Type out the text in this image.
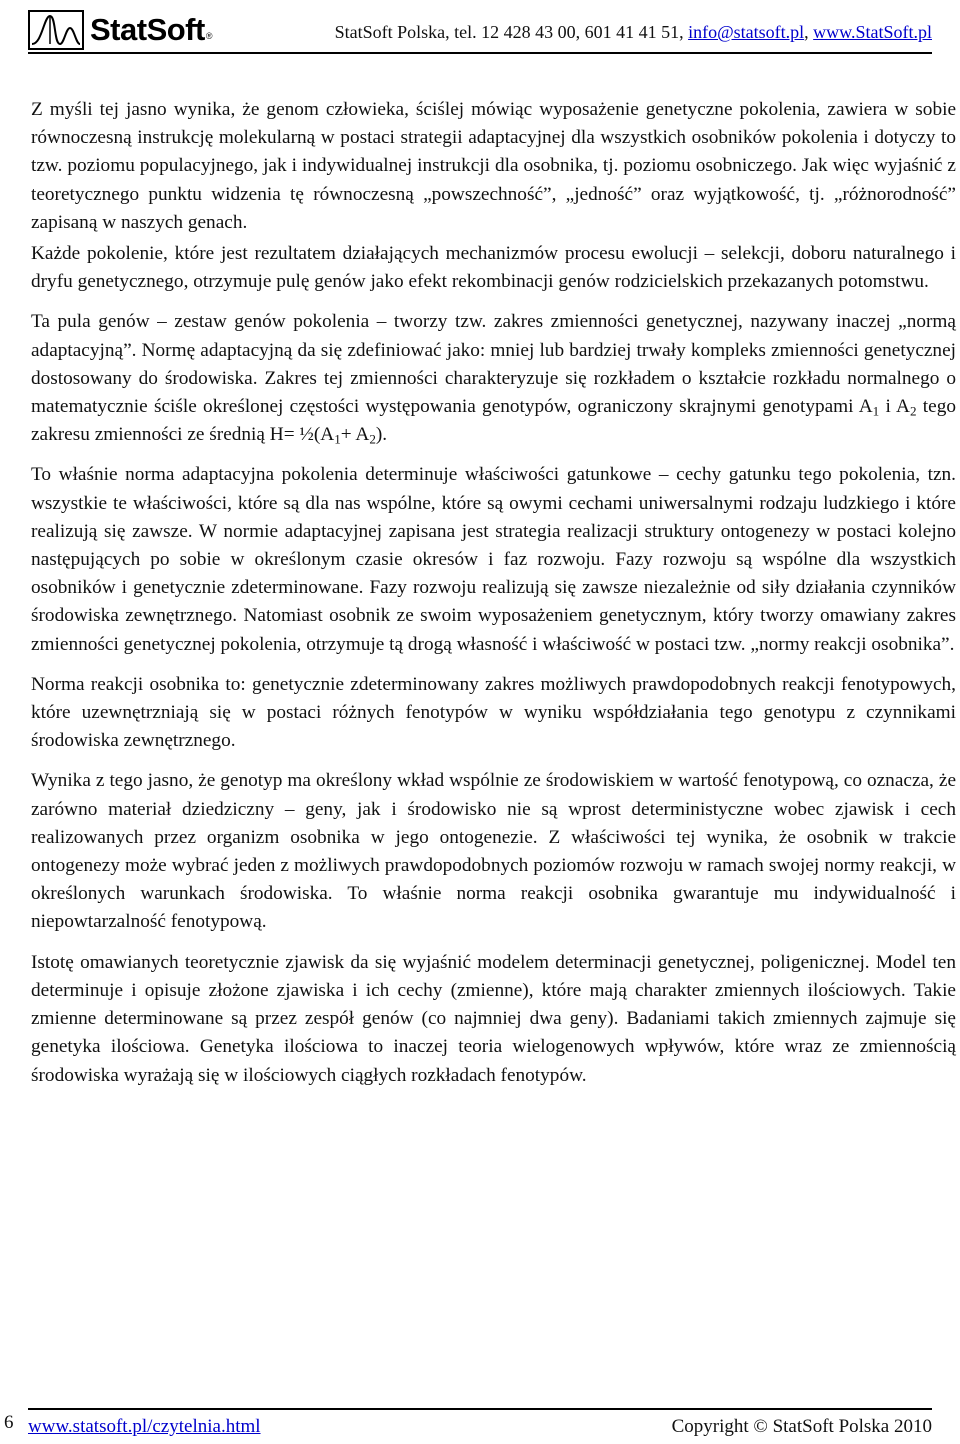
StatSoft ®	StatSoft Polska, tel. 12 428 43 00, 601 41 41 51, info@statsoft.pl, www.StatSoft.pl

Z myśli tej jasno wynika, że genom człowieka, ściślej mówiąc wyposażenie genetyczne pokolenia, zawiera w sobie równoczesną instrukcję molekularną w postaci strategii adaptacyjnej dla wszystkich osobników pokolenia i dotyczy to tzw. poziomu populacyjnego, jak i indywidualnej instrukcji dla osobnika, tj. poziomu osobniczego. Jak więc wyjaśnić z teoretycznego punktu widzenia tę równoczesną „powszechność”, „jedność” oraz wyjątkowość, tj. „różnorodność” zapisaną w naszych genach.

Każde pokolenie, które jest rezultatem działających mechanizmów procesu ewolucji – selekcji, doboru naturalnego i dryfu genetycznego, otrzymuje pulę genów jako efekt rekombinacji genów rodzicielskich przekazanych potomstwu.

Ta pula genów – zestaw genów pokolenia – tworzy tzw. zakres zmienności genetycznej, nazywany inaczej „normą adaptacyjną”. Normę adaptacyjną da się zdefiniować jako: mniej lub bardziej trwały kompleks zmienności genetycznej dostosowany do środowiska. Zakres tej zmienności charakteryzuje się rozkładem o kształcie rozkładu normalnego o matematycznie ściśle określonej częstości występowania genotypów, ograniczony skrajnymi genotypami $A_1$ i $A_2$ tego zakresu zmienności ze średnią $H= \frac{1}{2}(A_1+ A_2)$.

To właśnie norma adaptacyjna pokolenia determinuje właściwości gatunkowe – cechy gatunku tego pokolenia, tzn. wszystkie te właściwości, które są dla nas wspólne, które są owymi cechami uniwersalnymi rodzaju ludzkiego i które realizują się zawsze. W normie adaptacyjnej zapisana jest strategia realizacji struktury ontogenezy w postaci kolejno następujących po sobie w określonym czasie okresów i faz rozwoju. Fazy rozwoju są wspólne dla wszystkich osobników i genetycznie zdeterminowane. Fazy rozwoju realizują się zawsze niezależnie od siły działania czynników środowiska zewnętrznego. Natomiast osobnik ze swoim wyposażeniem genetycznym, który tworzy omawiany zakres zmienności genetycznej pokolenia, otrzymuje tą drogą własność i właściwość w postaci tzw. „normy reakcji osobnika”.

Norma reakcji osobnika to: genetycznie zdeterminowany zakres możliwych prawdopodobnych reakcji fenotypowych, które uzewnętrzniają się w postaci różnych fenotypów w wyniku współdziałania tego genotypu z czynnikami środowiska zewnętrznego.

Wynika z tego jasno, że genotyp ma określony wkład wspólnie ze środowiskiem w wartość fenotypową, co oznacza, że zarówno materiał dziedziczny – geny, jak i środowisko nie są wprost deterministyczne wobec zjawisk i cech realizowanych przez organizm osobnika w jego ontogenezie. Z właściwości tej wynika, że osobnik w trakcie ontogenezy może wybrać jeden z możliwych prawdopodobnych poziomów rozwoju w ramach swojej normy reakcji, w określonych warunkach środowiska. To właśnie norma reakcji osobnika gwarantuje mu indywidualność i niepowtarzalność fenotypową.

Istotę omawianych teoretycznie zjawisk da się wyjaśnić modelem determinacji genetycznej, poligenicznej. Model ten determinuje i opisuje złożone zjawiska i ich cechy (zmienne), które mają charakter zmiennych ilościowych. Takie zmienne determinowane są przez zespół genów (co najmniej dwa geny). Badaniami takich zmiennych zajmuje się genetyka ilościowa. Genetyka ilościowa to inaczej teoria wielogenowych wpływów, które wraz ze zmiennością środowiska wyrażają się w ilościowych ciągłych rozkładach fenotypów.

6 www.statsoft.pl/czytelnia.html	Copyright © StatSoft Polska 2010
